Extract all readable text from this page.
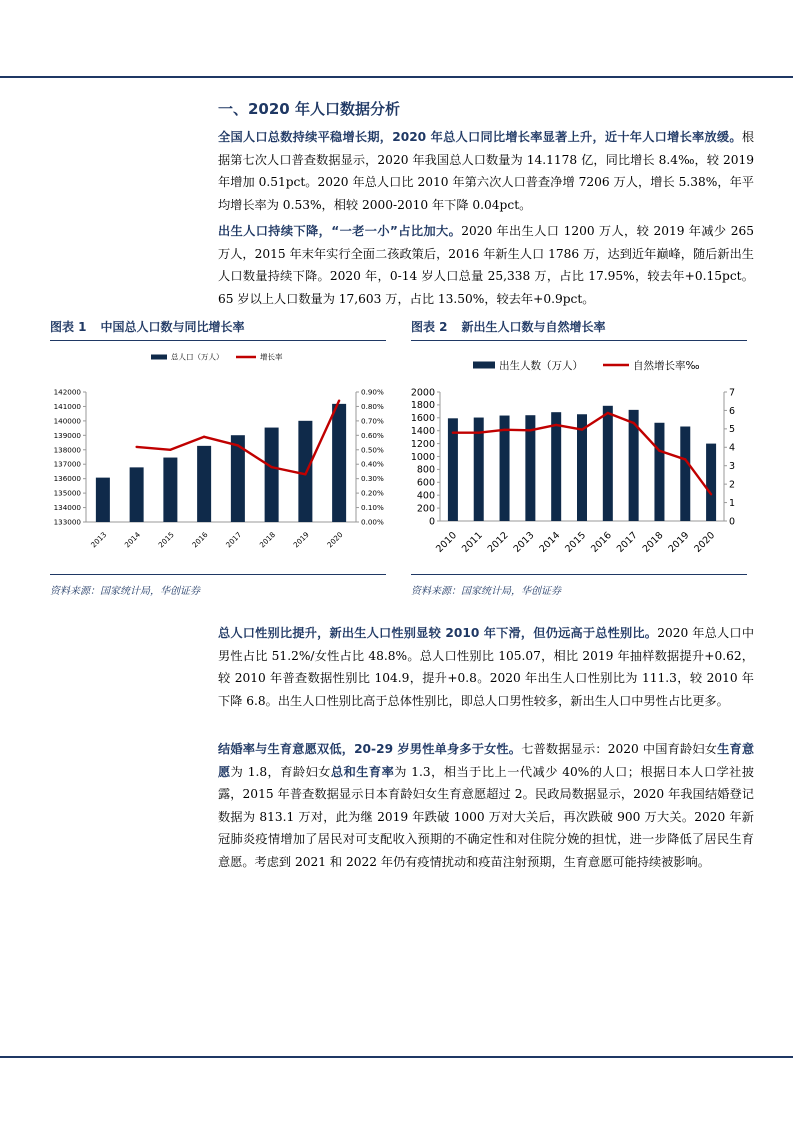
一、2020 年人口数据分析
全国人口总数持续平稳增长期，2020 年总人口同比增长率显著上升，近十年人口增长率放缓。根据第七次人口普查数据显示，2020 年我国总人口数量为 14.1178 亿，同比增长 8.4‰，较 2019 年增加 0.51pct。2020 年总人口比 2010 年第六次人口普查净增 7206 万人，增长 5.38%，年平均增长率为 0.53%，相较 2000-2010 年下降 0.04pct。
出生人口持续下降，“一老一小”占比加大。2020 年出生人口 1200 万人，较 2019 年减少 265 万人，2015 年末年实行全面二孩政策后，2016 年新生人口 1786 万，达到近年巅峰，随后新出生人口数量持续下降。2020 年，0-14 岁人口总量 25,338 万，占比 17.95%，较去年+0.15pct。65 岁以上人口数量为 17,603 万，占比 13.50%，较去年+0.9pct。
图表 1 中国总人口数与同比增长率
总人口（万人）	增长率
133000
134000
135000
136000
137000
138000
139000
140000
141000
142000
0.00%
0.10%
0.20%
0.30%
0.40%
0.50%
0.60%
0.70%
0.80%
0.90%
2013 2014 2015 2016 2017 2018 2019 2020
资料来源：国家统计局，华创证券
图表 2 新出生人口数与自然增长率
出生人数（万人）	自然增长率‰
0
200
400
600
800
1000
1200
1400
1600
1800
2000
0
1
2
3
4
5
6
7
2010 2011 2012 2013 2014 2015 2016 2017 2018 2019 2020
资料来源：国家统计局，华创证券
总人口性别比提升，新出生人口性别显较 2010 年下滑，但仍远高于总性别比。2020 年总人口中男性占比 51.2%/女性占比 48.8%。总人口性别比 105.07，相比 2019 年抽样数据提升+0.62，较 2010 年普查数据性别比 104.9，提升+0.8。2020 年出生人口性别比为 111.3，较 2010 年下降 6.8。出生人口性别比高于总体性别比，即总人口男性较多，新出生人口中男性占比更多。
结婚率与生育意愿双低，20-29 岁男性单身多于女性。七普数据显示：2020 中国育龄妇女生育意愿为 1.8，育龄妇女总和生育率为 1.3，相当于比上一代减少 40%的人口；根据日本人口学社披露，2015 年普查数据显示日本育龄妇女生育意愿超过 2。民政局数据显示，2020 年我国结婚登记数据为 813.1 万对，此为继 2019 年跌破 1000 万对大关后，再次跌破 900 万大关。2020 年新冠肺炎疫情增加了居民对可支配收入预期的不确定性和对住院分娩的担忧，进一步降低了居民生育意愿。考虑到 2021 和 2022 年仍有疫情扰动和疫苗注射预期，生育意愿可能持续被影响。
